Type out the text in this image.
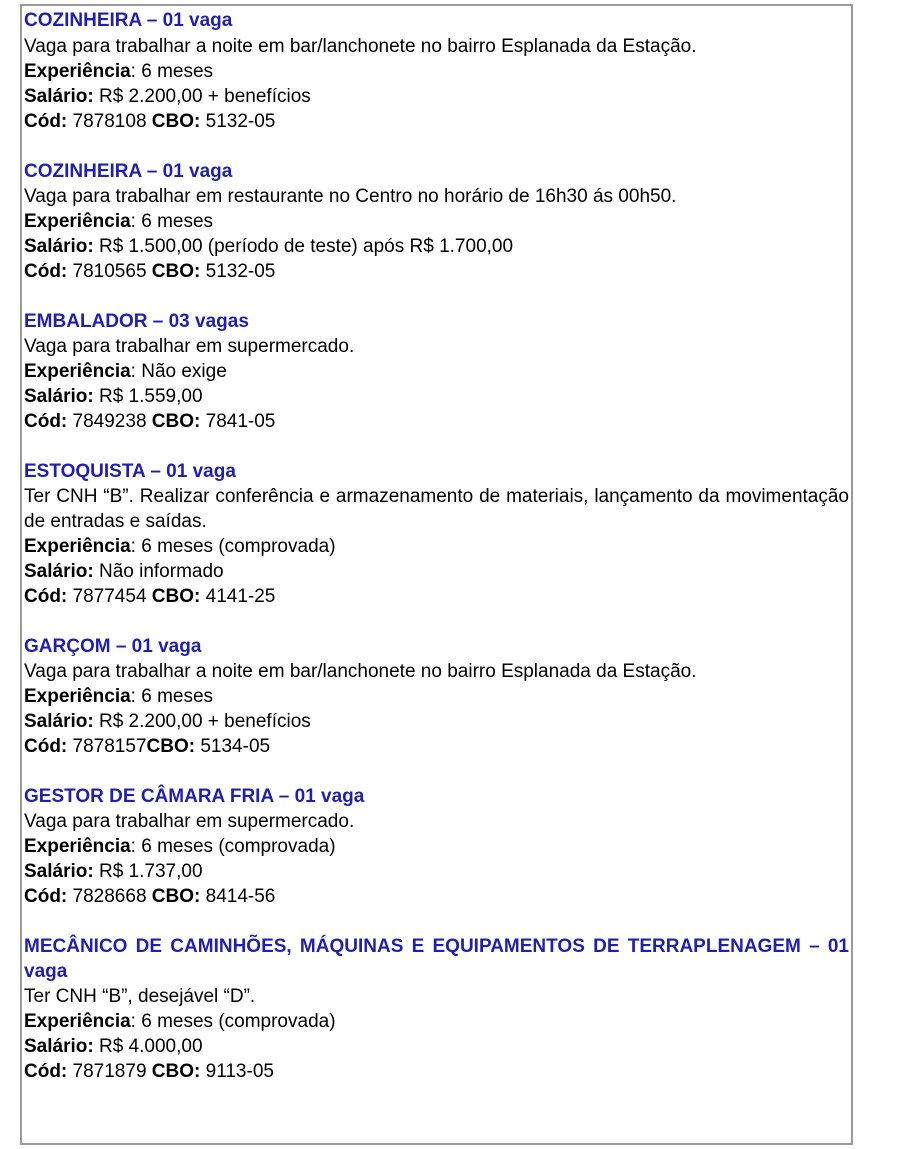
COZINHEIRA – 01 vaga
Vaga para trabalhar a noite em bar/lanchonete no bairro Esplanada da Estação.
Experiência: 6 meses
Salário: R$ 2.200,00 + benefícios
Cód: 7878108 CBO: 5132-05
COZINHEIRA – 01 vaga
Vaga para trabalhar em restaurante no Centro no horário de 16h30 ás 00h50.
Experiência: 6 meses
Salário: R$ 1.500,00 (período de teste) após R$ 1.700,00
Cód: 7810565 CBO: 5132-05
EMBALADOR – 03 vagas
Vaga para trabalhar em supermercado.
Experiência: Não exige
Salário: R$ 1.559,00
Cód: 7849238 CBO: 7841-05
ESTOQUISTA – 01 vaga
Ter CNH “B”. Realizar conferência e armazenamento de materiais, lançamento da movimentação de entradas e saídas.
Experiência: 6 meses (comprovada)
Salário: Não informado
Cód: 7877454 CBO: 4141-25
GARÇOM – 01 vaga
Vaga para trabalhar a noite em bar/lanchonete no bairro Esplanada da Estação.
Experiência: 6 meses
Salário: R$ 2.200,00 + benefícios
Cód: 7878157CBO: 5134-05
GESTOR DE CÂMARA FRIA – 01 vaga
Vaga para trabalhar em supermercado.
Experiência: 6 meses (comprovada)
Salário: R$ 1.737,00
Cód: 7828668 CBO: 8414-56
MECÂNICO DE CAMINHÕES, MÁQUINAS E EQUIPAMENTOS DE TERRAPLENAGEM – 01 vaga
Ter CNH “B”, desejável “D”.
Experiência: 6 meses (comprovada)
Salário: R$ 4.000,00
Cód: 7871879 CBO: 9113-05
